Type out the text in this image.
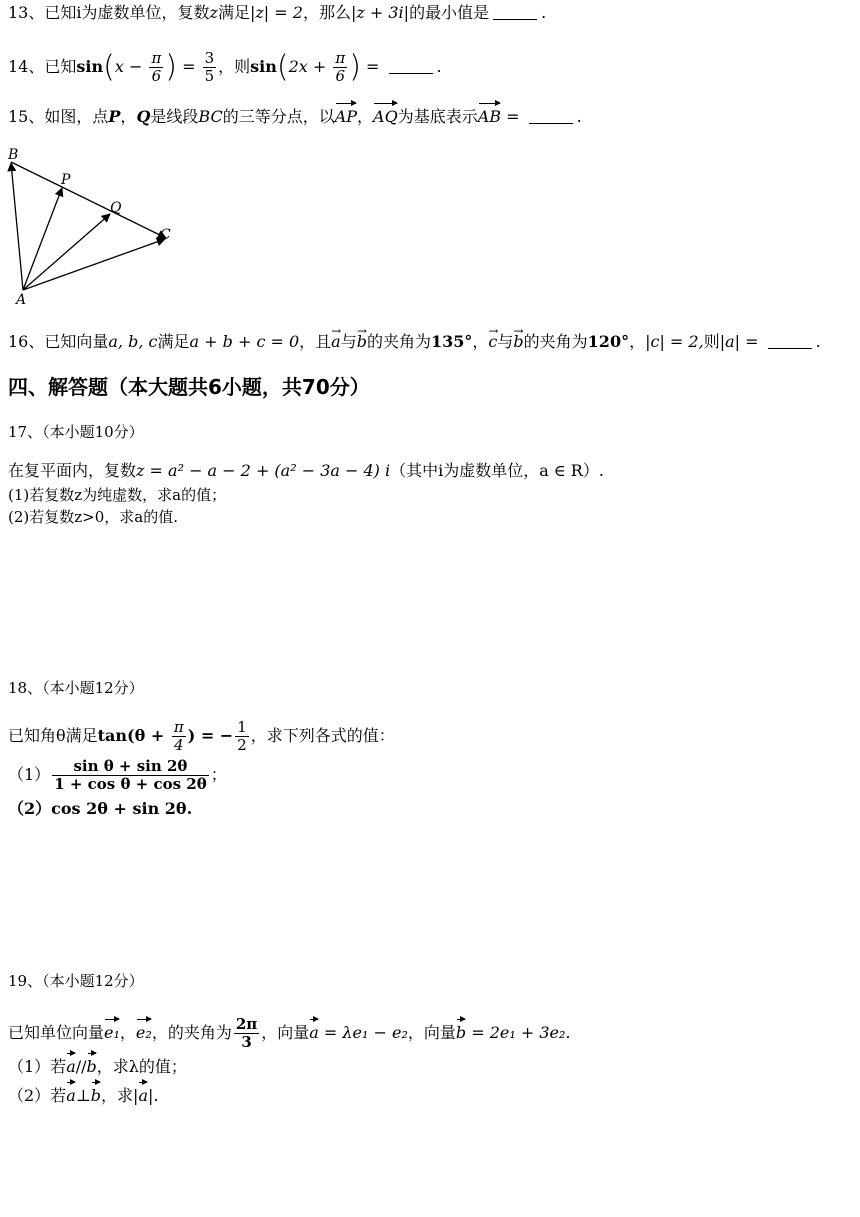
13、已知i为虚数单位，复数z满足|z| = 2，那么|z + 3i|的最小值是	.
14、已知$\sin(x - \frac{\pi}{6}$ ) = $\frac{3}{5}$ ，则$\sin(2x + \frac{\pi}{6}$ ) =	.
15、如图，点P，Q是线段BC的三等分点，以AP，AQ为基底表示AB =	.
B
P
Q
C
A
16、已知向量a, b, c满足a + b + c = 0，且→ a与→ b的夹角为135°，→ c与→ b的夹角为120°，|c| = 2,则|a| =	.
四、解答题（本大题共6小题，共70分）
17、（本小题10分）
在复平面内，复数z = a² − a − 2 + (a² − 3a − 4) i（其中i为虚数单位，a ∈ R）.
(1)若复数z为纯虚数，求a的值；
(2)若复数z>0，求a的值.
18、（本小题12分）
已知角θ满足$\tan(\theta + \frac{\pi}{4}$ ) = − $\frac{1}{2}$ ，求下列各式的值：
$(1) \frac{\text{sin θ + sin 2θ}}{\text{1 + cos θ + cos 2θ}}$ ；
（2）cos 2θ + sin 2θ.
19、（本小题12分）
已知单位向量e₁，e₂，的夹角为 $\frac{2\pi}{3}$ ，向量a = λe₁ − e₂，向量b = 2e₁ + 3e₂.
（1）若a//b，求λ的值；
（2）若a⊥b，求|a|.
